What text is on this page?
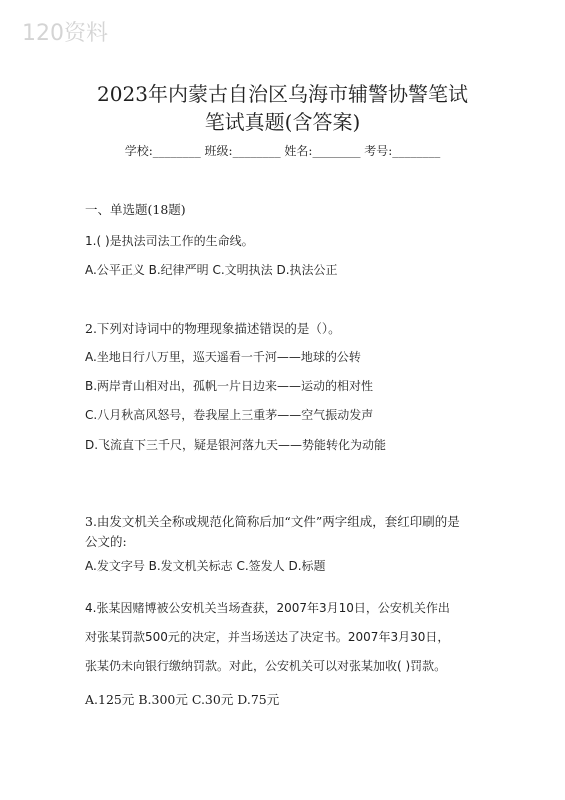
120资料
2023年内蒙古自治区乌海市辅警协警笔试
笔试真题(含答案)
学校:________ 班级:________ 姓名:________ 考号:________
一、单选题(18题)
1.( )是执法司法工作的生命线。
A.公平正义 B.纪律严明 C.文明执法 D.执法公正
2.下列对诗词中的物理现象描述错误的是（）。
A.坐地日行八万里，巡天遥看一千河——地球的公转
B.两岸青山相对出，孤帆一片日边来——运动的相对性
C.八月秋高风怒号，卷我屋上三重茅——空气振动发声
D.飞流直下三千尺，疑是银河落九天——势能转化为动能
3.由发文机关全称或规范化简称后加“文件”两字组成，套红印刷的是
公文的:
A.发文字号 B.发文机关标志 C.签发人 D.标题
4.张某因赌博被公安机关当场查获，2007年3月10日，公安机关作出
对张某罚款500元的决定，并当场送达了决定书。2007年3月30日，
张某仍未向银行缴纳罚款。对此，公安机关可以对张某加收( )罚款。
A.125元 B.300元 C.30元 D.75元
